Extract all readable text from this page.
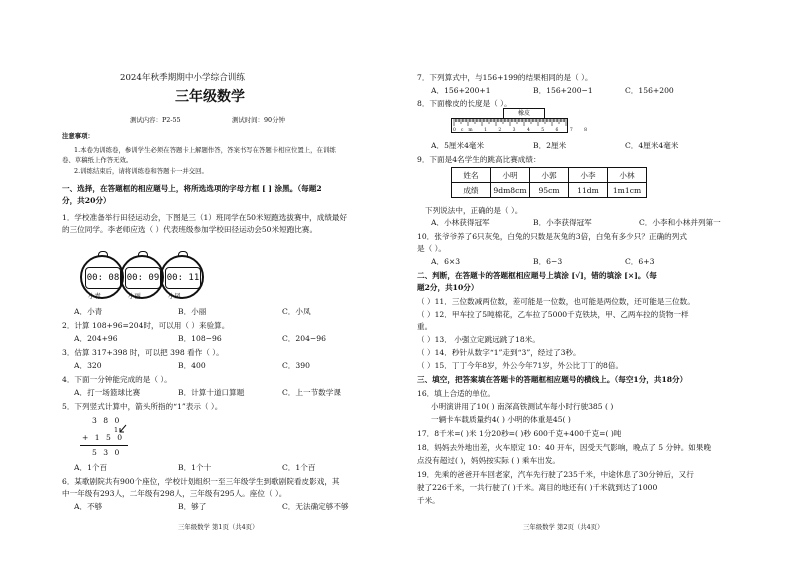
2024年秋季期期中小学综合训练
三年级数学
测试内容：P2-55	测试时间：90分钟
注意事项：
1.本卷为训练卷，参训学生必须在答题卡上解题作答，答案书写在答题卡相应位置上，在训练
卷、草稿纸上作答无效。
2.训练结束后，请将训练卷和答题卡一并交回。
一、选择，在答题框的相应题号上，将所选选项的字母方框 [ ] 涂黑。（每题2
分，共20分）
1．学校准备举行田径运动会，下图是三（1）班同学在50米短跑选拔赛中，成绩最好
的三位同学。李老师应选（ ）代表班级参加学校田径运动会50米短跑比赛。
00: 08 00: 09 00: 11
小青	小丽	小凤
A．小青	B．小丽	C．小凤
2．计算 108+96=204时，可以用（ ）来验算。
A．204+96	B．108−96	C．204−96
3．估算 317+398 时，可以把 398 看作（ ）。
A．320	B．400	C．390
4．下面一分钟能完成的是（ ）。
A．打一场篮球比赛	B．计算十道口算题	C．上一节数学课
5．下列竖式计算中，箭头所指的“1”表示（ ）。
3 8 0
1
+ 1 5 0
5 3 0
A．1个百	B．1个十	C．1个百
6．某歌剧院共有900个座位，学校计划组织一至三年级学生到歌剧院看皮影戏，其
中一年级有293人，二年级有298人，三年级有295人。座位（ ）。
A．不够	B．够了	C．无法确定够不够
三年级数学 第1页（共4页）
7．下列算式中，与156+199的结果相同的是（ ）。
A．156+200+1	B．156+200−1	C．156+200
8．下面橡皮的长度是（ ）。
橡皮
0cm 1 2 3 4 5 6 7 8
A．5厘米4毫米	B．2厘米	C．4厘米4毫米
9．下面是4名学生的跳高比赛成绩：
姓名	小明	小郭	小李	小林
成绩	9dm8cm	95cm	11dm	1m1cm
下列说法中，正确的是（ ）。
A．小林获得冠军	B．小李获得冠军	C．小李和小林并列第一
10．张爷爷养了6只灰兔，白兔的只数是灰兔的3倍，白兔有多少只？正确的列式
是（ ）。
A．6×3	B．6−3	C．6+3
二、判断，在答题卡的答题框相应题号上填涂 [√]，错的填涂 [×]。（每
题2分，共10分）
（ ）11．三位数减两位数，差可能是一位数，也可能是两位数，还可能是三位数。
（ ）12．甲车拉了5吨棉花，乙车拉了5000千克铁块，甲、乙两车拉的货物一样
重。
（ ）13． 小强立定跳远跳了18米。
（ ）14．秒针从数字“1”走到“3”，经过了3秒。
（ ）15．丁丁今年8岁，外公今年71岁，外公比丁丁的8倍。
三、填空，把答案填在答题卡的答题框相应题号的横线上。（每空1分，共18分）
16．填上合适的单位。
小明演讲用了10( ) 南深高铁测试车每小时行驶385 ( )
一辆卡车载质量约4( ) 小明的体重是45( )
17．8千米=( )米 1分20秒=( )秒 600千克+400千克=( )吨
18．妈妈去外地出差，火车原定 10：40 开车，因受天气影响，晚点了 5 分钟。如果晚
点没有超过( )，妈妈按实际 ( ) 乘车出发。
19．先乘的爸爸开车回老家，汽车先行驶了235千米，中途休息了30分钟后，又行
驶了226千米，一共行驶了( )千米。离目的地还有( )千米就到达了1000
千米。
三年级数学 第2页（共4页）
